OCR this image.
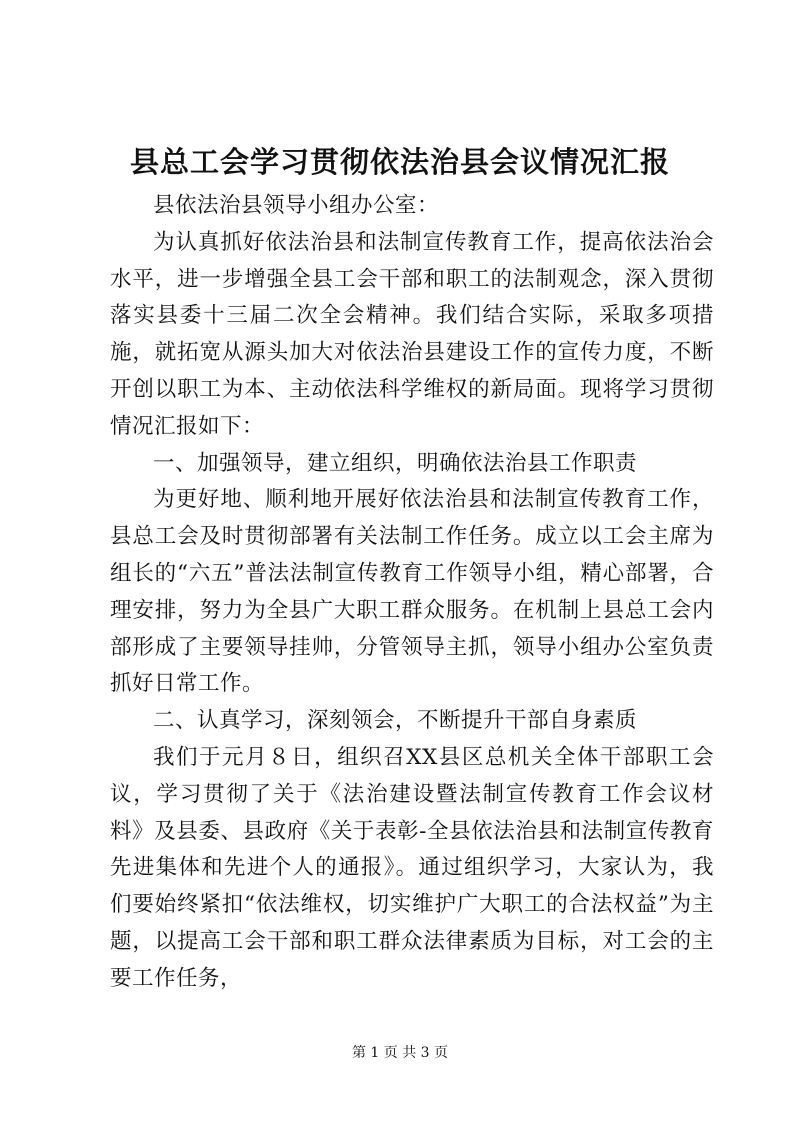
县总工会学习贯彻依法治县会议情况汇报

县依法治县领导小组办公室：

为认真抓好依法治县和法制宣传教育工作，提高依法治会水平，进一步增强全县工会干部和职工的法制观念，深入贯彻落实县委十三届二次全会精神。我们结合实际，采取多项措施，就拓宽从源头加大对依法治县建设工作的宣传力度，不断开创以职工为本、主动依法科学维权的新局面。现将学习贯彻情况汇报如下：

一、加强领导，建立组织，明确依法治县工作职责

为更好地、顺利地开展好依法治县和法制宣传教育工作，县总工会及时贯彻部署有关法制工作任务。成立以工会主席为组长的“六五”普法法制宣传教育工作领导小组，精心部署，合理安排，努力为全县广大职工群众服务。在机制上县总工会内部形成了主要领导挂帅，分管领导主抓，领导小组办公室负责抓好日常工作。

二、认真学习，深刻领会，不断提升干部自身素质

我们于元月８日，组织召XX县区总机关全体干部职工会议，学习贯彻了关于《法治建设暨法制宣传教育工作会议材料》及县委、县政府《关于表彰-全县依法治县和法制宣传教育先进集体和先进个人的通报》。通过组织学习，大家认为，我们要始终紧扣“依法维权，切实维护广大职工的合法权益”为主题，以提高工会干部和职工群众法律素质为目标，对工会的主要工作任务，

第 1 页 共 3 页
